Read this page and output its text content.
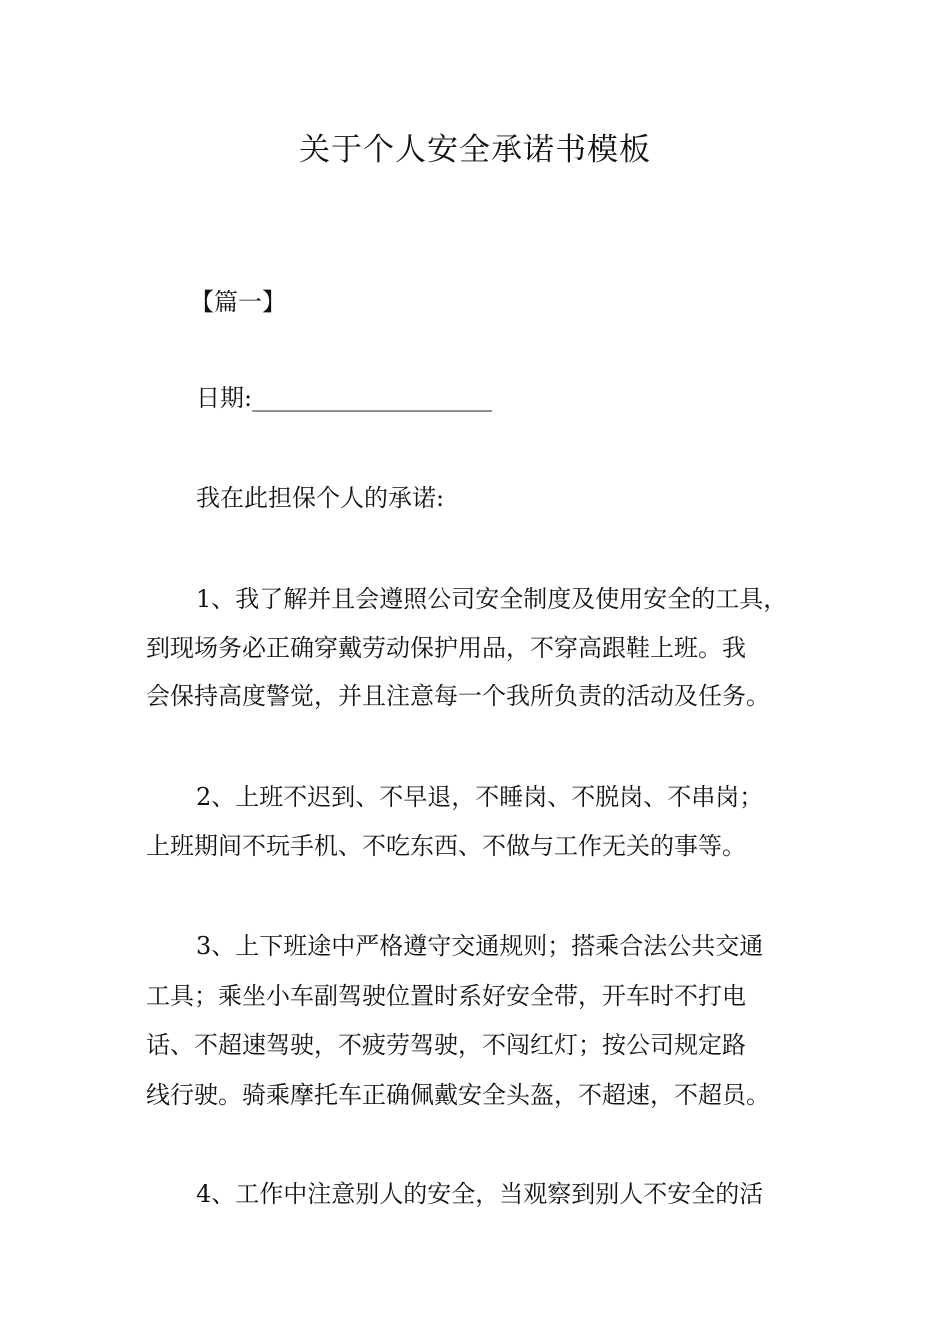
关于个人安全承诺书模板
【篇一】
日期:____________________
我在此担保个人的承诺:
1、我了解并且会遵照公司安全制度及使用安全的工具，
到现场务必正确穿戴劳动保护用品，不穿高跟鞋上班。我
会保持高度警觉，并且注意每一个我所负责的活动及任务。
2、上班不迟到、不早退，不睡岗、不脱岗、不串岗；
上班期间不玩手机、不吃东西、不做与工作无关的事等。
3、上下班途中严格遵守交通规则；搭乘合法公共交通
工具；乘坐小车副驾驶位置时系好安全带，开车时不打电
话、不超速驾驶，不疲劳驾驶，不闯红灯；按公司规定路
线行驶。骑乘摩托车正确佩戴安全头盔，不超速，不超员。
4、工作中注意别人的安全，当观察到别人不安全的活
